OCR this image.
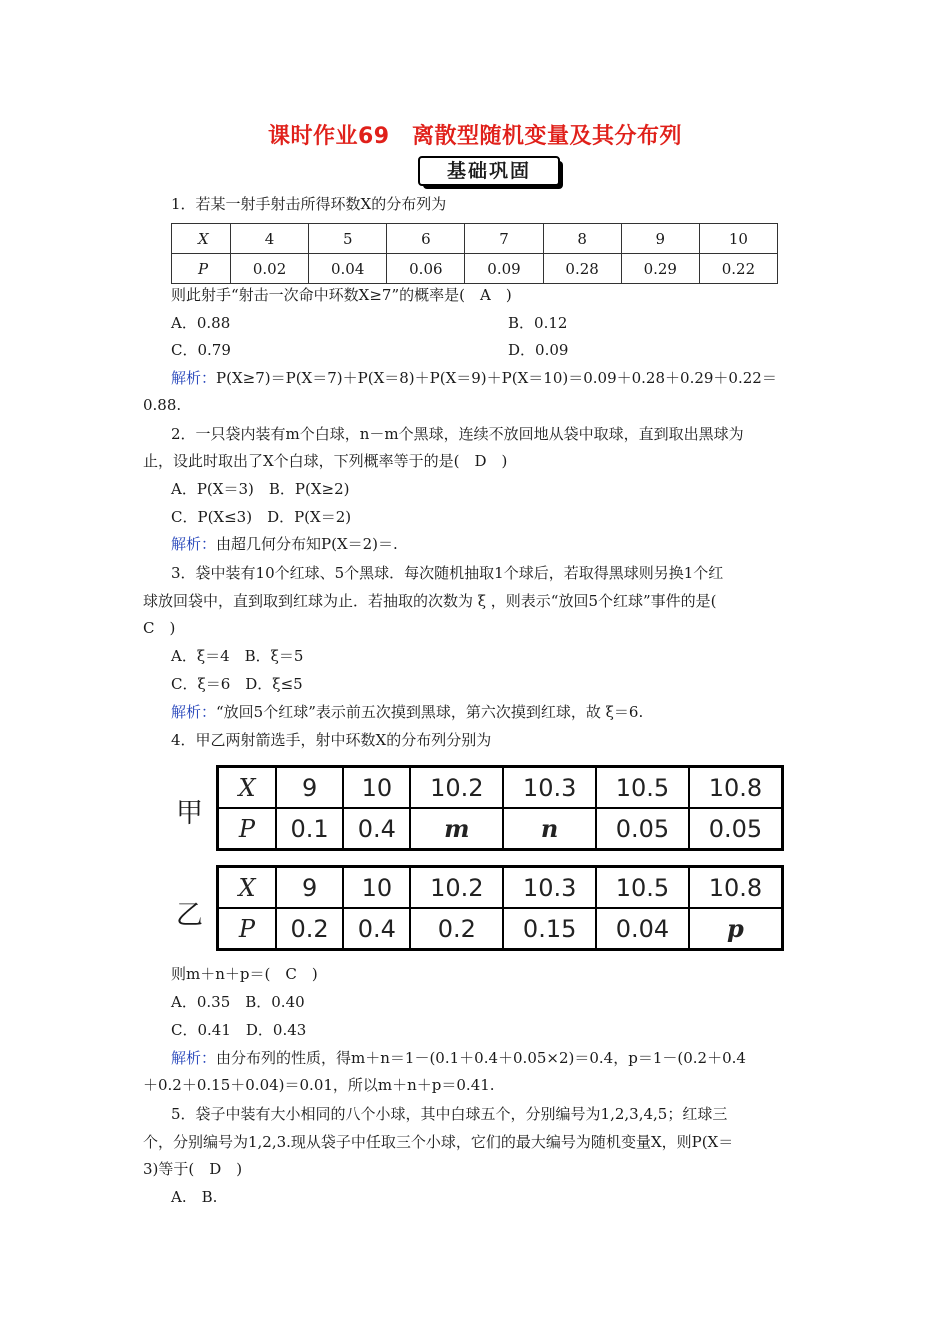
课时作业69　离散型随机变量及其分布列
基础巩固
1．若某一射手射击所得环数X的分布列为
X	4	5	6	7	8	9	10
P	0.02	0.04	0.06	0.09	0.28	0.29	0.22
则此射手“射击一次命中环数X≥7”的概率是(　A　)
A．0.88	B．0.12
C．0.79	D．0.09
解析：P(X≥7)＝P(X＝7)＋P(X＝8)＋P(X＝9)＋P(X＝10)＝0.09＋0.28＋0.29＋0.22＝
0.88.
2．一只袋内装有m个白球，n－m个黑球，连续不放回地从袋中取球，直到取出黑球为
止，设此时取出了X个白球，下列概率等于的是(　D　)
A．P(X＝3)　B．P(X≥2)
C．P(X≤3)　D．P(X＝2)
解析：由超几何分布知P(X＝2)＝.
3．袋中装有10个红球、5个黑球．每次随机抽取1个球后，若取得黑球则另换1个红
球放回袋中，直到取到红球为止．若抽取的次数为 ξ ，则表示“放回5个红球”事件的是(
C　)
A．ξ＝4　B．ξ＝5
C．ξ＝6　D．ξ≤5
解析：“放回5个红球”表示前五次摸到黑球，第六次摸到红球，故 ξ＝6.
4．甲乙两射箭选手，射中环数X的分布列分别为
甲
X	9	10	10.2	10.3	10.5	10.8
P	0.1	0.4	m	n	0.05	0.05
乙
X	9	10	10.2	10.3	10.5	10.8
P	0.2	0.4	0.2	0.15	0.04	p
则m＋n＋p＝(　C　)
A．0.35　B．0.40
C．0.41　D．0.43
解析：由分布列的性质，得m＋n＝1－(0.1＋0.4＋0.05×2)＝0.4，p＝1－(0.2＋0.4
＋0.2＋0.15＋0.04)＝0.01，所以m＋n＋p＝0.41.
5．袋子中装有大小相同的八个小球，其中白球五个，分别编号为1,2,3,4,5；红球三
个，分别编号为1,2,3.现从袋子中任取三个小球，它们的最大编号为随机变量X，则P(X＝
3)等于(　D　)
A.　B.
